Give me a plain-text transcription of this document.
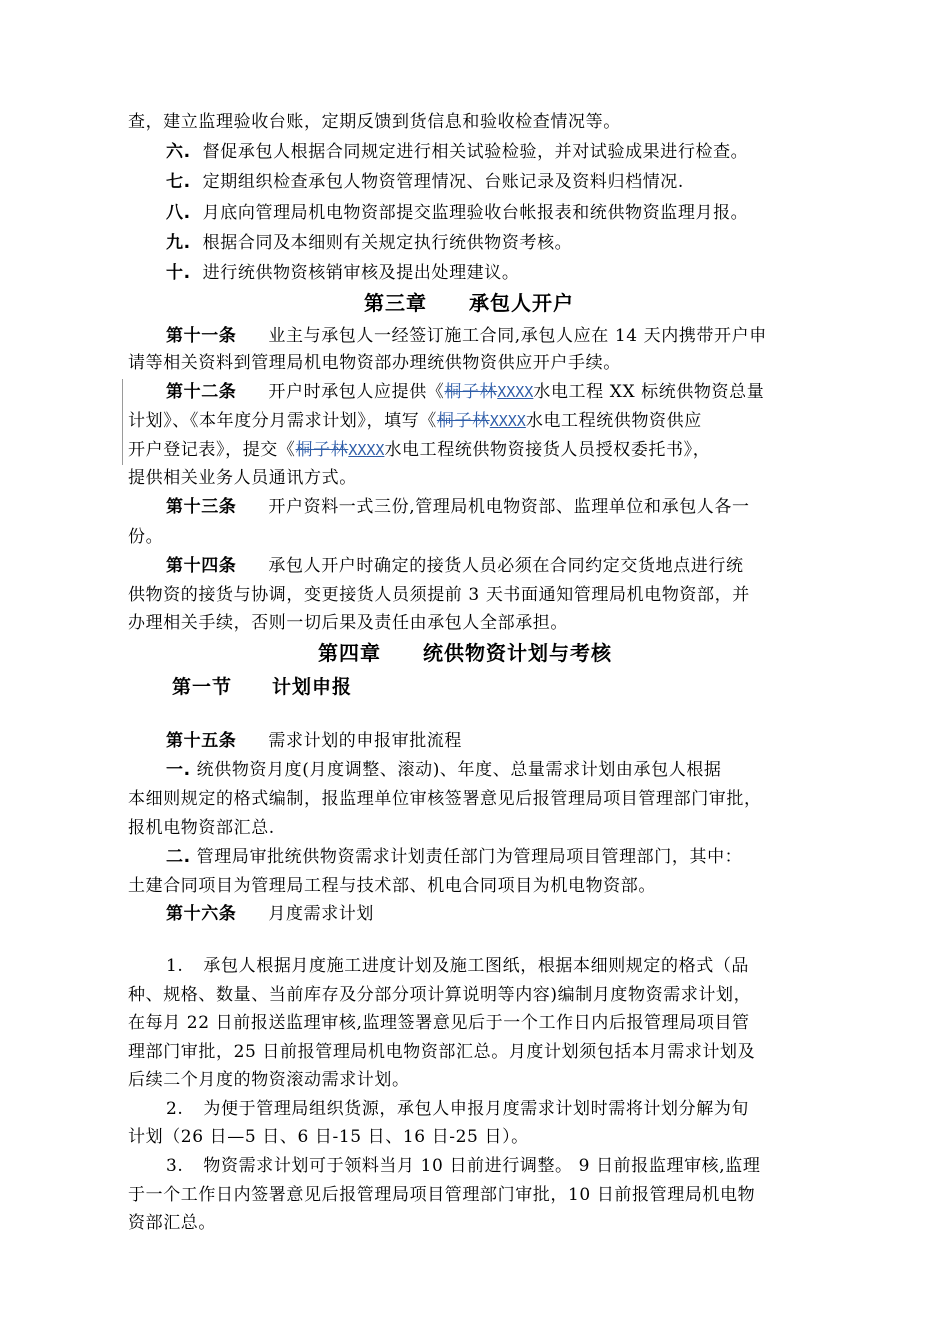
查，建立监理验收台账，定期反馈到货信息和验收检查情况等。
六. 督促承包人根据合同规定进行相关试验检验，并对试验成果进行检查。
七. 定期组织检查承包人物资管理情况、台账记录及资料归档情况.
八. 月底向管理局机电物资部提交监理验收台帐报表和统供物资监理月报。
九. 根据合同及本细则有关规定执行统供物资考核。
十. 进行统供物资核销审核及提出处理建议。
第三章　　承包人开户
第十一条 业主与承包人一经签订施工合同,承包人应在 14 天内携带开户申
请等相关资料到管理局机电物资部办理统供物资供应开户手续。
第十二条 开户时承包人应提供《桐子林XXXX水电工程 XX 标统供物资总量
计划》、《本年度分月需求计划》，填写《桐子林XXXX水电工程统供物资供应
开户登记表》，提交《桐子林XXXX水电工程统供物资接货人员授权委托书》，
提供相关业务人员通讯方式。
第十三条 开户资料一式三份,管理局机电物资部、监理单位和承包人各一
份。
第十四条 承包人开户时确定的接货人员必须在合同约定交货地点进行统
供物资的接货与协调，变更接货人员须提前 3 天书面通知管理局机电物资部，并
办理相关手续，否则一切后果及责任由承包人全部承担。
第四章　　统供物资计划与考核
第一节　　计划申报
第十五条 需求计划的申报审批流程
一. 统供物资月度(月度调整、滚动)、年度、总量需求计划由承包人根据
本细则规定的格式编制，报监理单位审核签署意见后报管理局项目管理部门审批，
报机电物资部汇总.
二. 管理局审批统供物资需求计划责任部门为管理局项目管理部门，其中：
土建合同项目为管理局工程与技术部、机电合同项目为机电物资部。
第十六条 月度需求计划
1. 承包人根据月度施工进度计划及施工图纸，根据本细则规定的格式（品
种、规格、数量、当前库存及分部分项计算说明等内容)编制月度物资需求计划，
在每月 22 日前报送监理审核,监理签署意见后于一个工作日内后报管理局项目管
理部门审批，25 日前报管理局机电物资部汇总。月度计划须包括本月需求计划及
后续二个月度的物资滚动需求计划。
2. 为便于管理局组织货源，承包人申报月度需求计划时需将计划分解为旬
计划（26 日—5 日、6 日-15 日、16 日-25 日）。
3. 物资需求计划可于领料当月 10 日前进行调整。 9 日前报监理审核,监理
于一个工作日内签署意见后报管理局项目管理部门审批，10 日前报管理局机电物
资部汇总。
